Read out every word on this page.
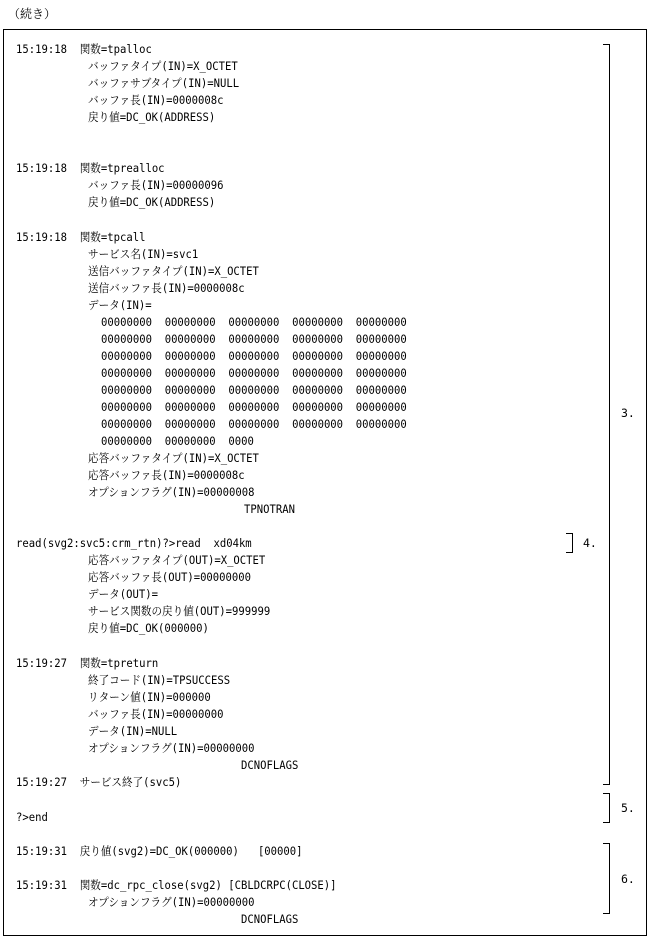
（続き）
15:19:18  関数=tpalloc
バッファタイプ(IN)=X_OCTET
バッファサブタイプ(IN)=NULL
バッファ長(IN)=0000008c
戻り値=DC_OK(ADDRESS)
15:19:18  関数=tprealloc
バッファ長(IN)=00000096
戻り値=DC_OK(ADDRESS)
15:19:18  関数=tpcall
サービス名(IN)=svc1
送信バッファタイプ(IN)=X_OCTET
送信バッファ長(IN)=0000008c
データ(IN)=
00000000  00000000  00000000  00000000  00000000
00000000  00000000  00000000  00000000  00000000
00000000  00000000  00000000  00000000  00000000
00000000  00000000  00000000  00000000  00000000
00000000  00000000  00000000  00000000  00000000
00000000  00000000  00000000  00000000  00000000
00000000  00000000  00000000  00000000  00000000
00000000  00000000  0000
応答バッファタイプ(IN)=X_OCTET
応答バッファ長(IN)=0000008c
オプションフラグ(IN)=00000008
TPNOTRAN
read(svg2:svc5:crm_rtn)?>read  xd04km
応答バッファタイプ(OUT)=X_OCTET
応答バッファ長(OUT)=00000000
データ(OUT)=
サービス関数の戻り値(OUT)=999999
戻り値=DC_OK(000000)
15:19:27  関数=tpreturn
終了コード(IN)=TPSUCCESS
リターン値(IN)=000000
バッファ長(IN)=00000000
データ(IN)=NULL
オプションフラグ(IN)=00000000
DCNOFLAGS
15:19:27  サービス終了(svc5)
?>end
15:19:31  戻り値(svg2)=DC_OK(000000)   [00000]
15:19:31  関数=dc_rpc_close(svg2) [CBLDCRPC(CLOSE)]
オプションフラグ(IN)=00000000
DCNOFLAGS
3.
4.
5.
6.
